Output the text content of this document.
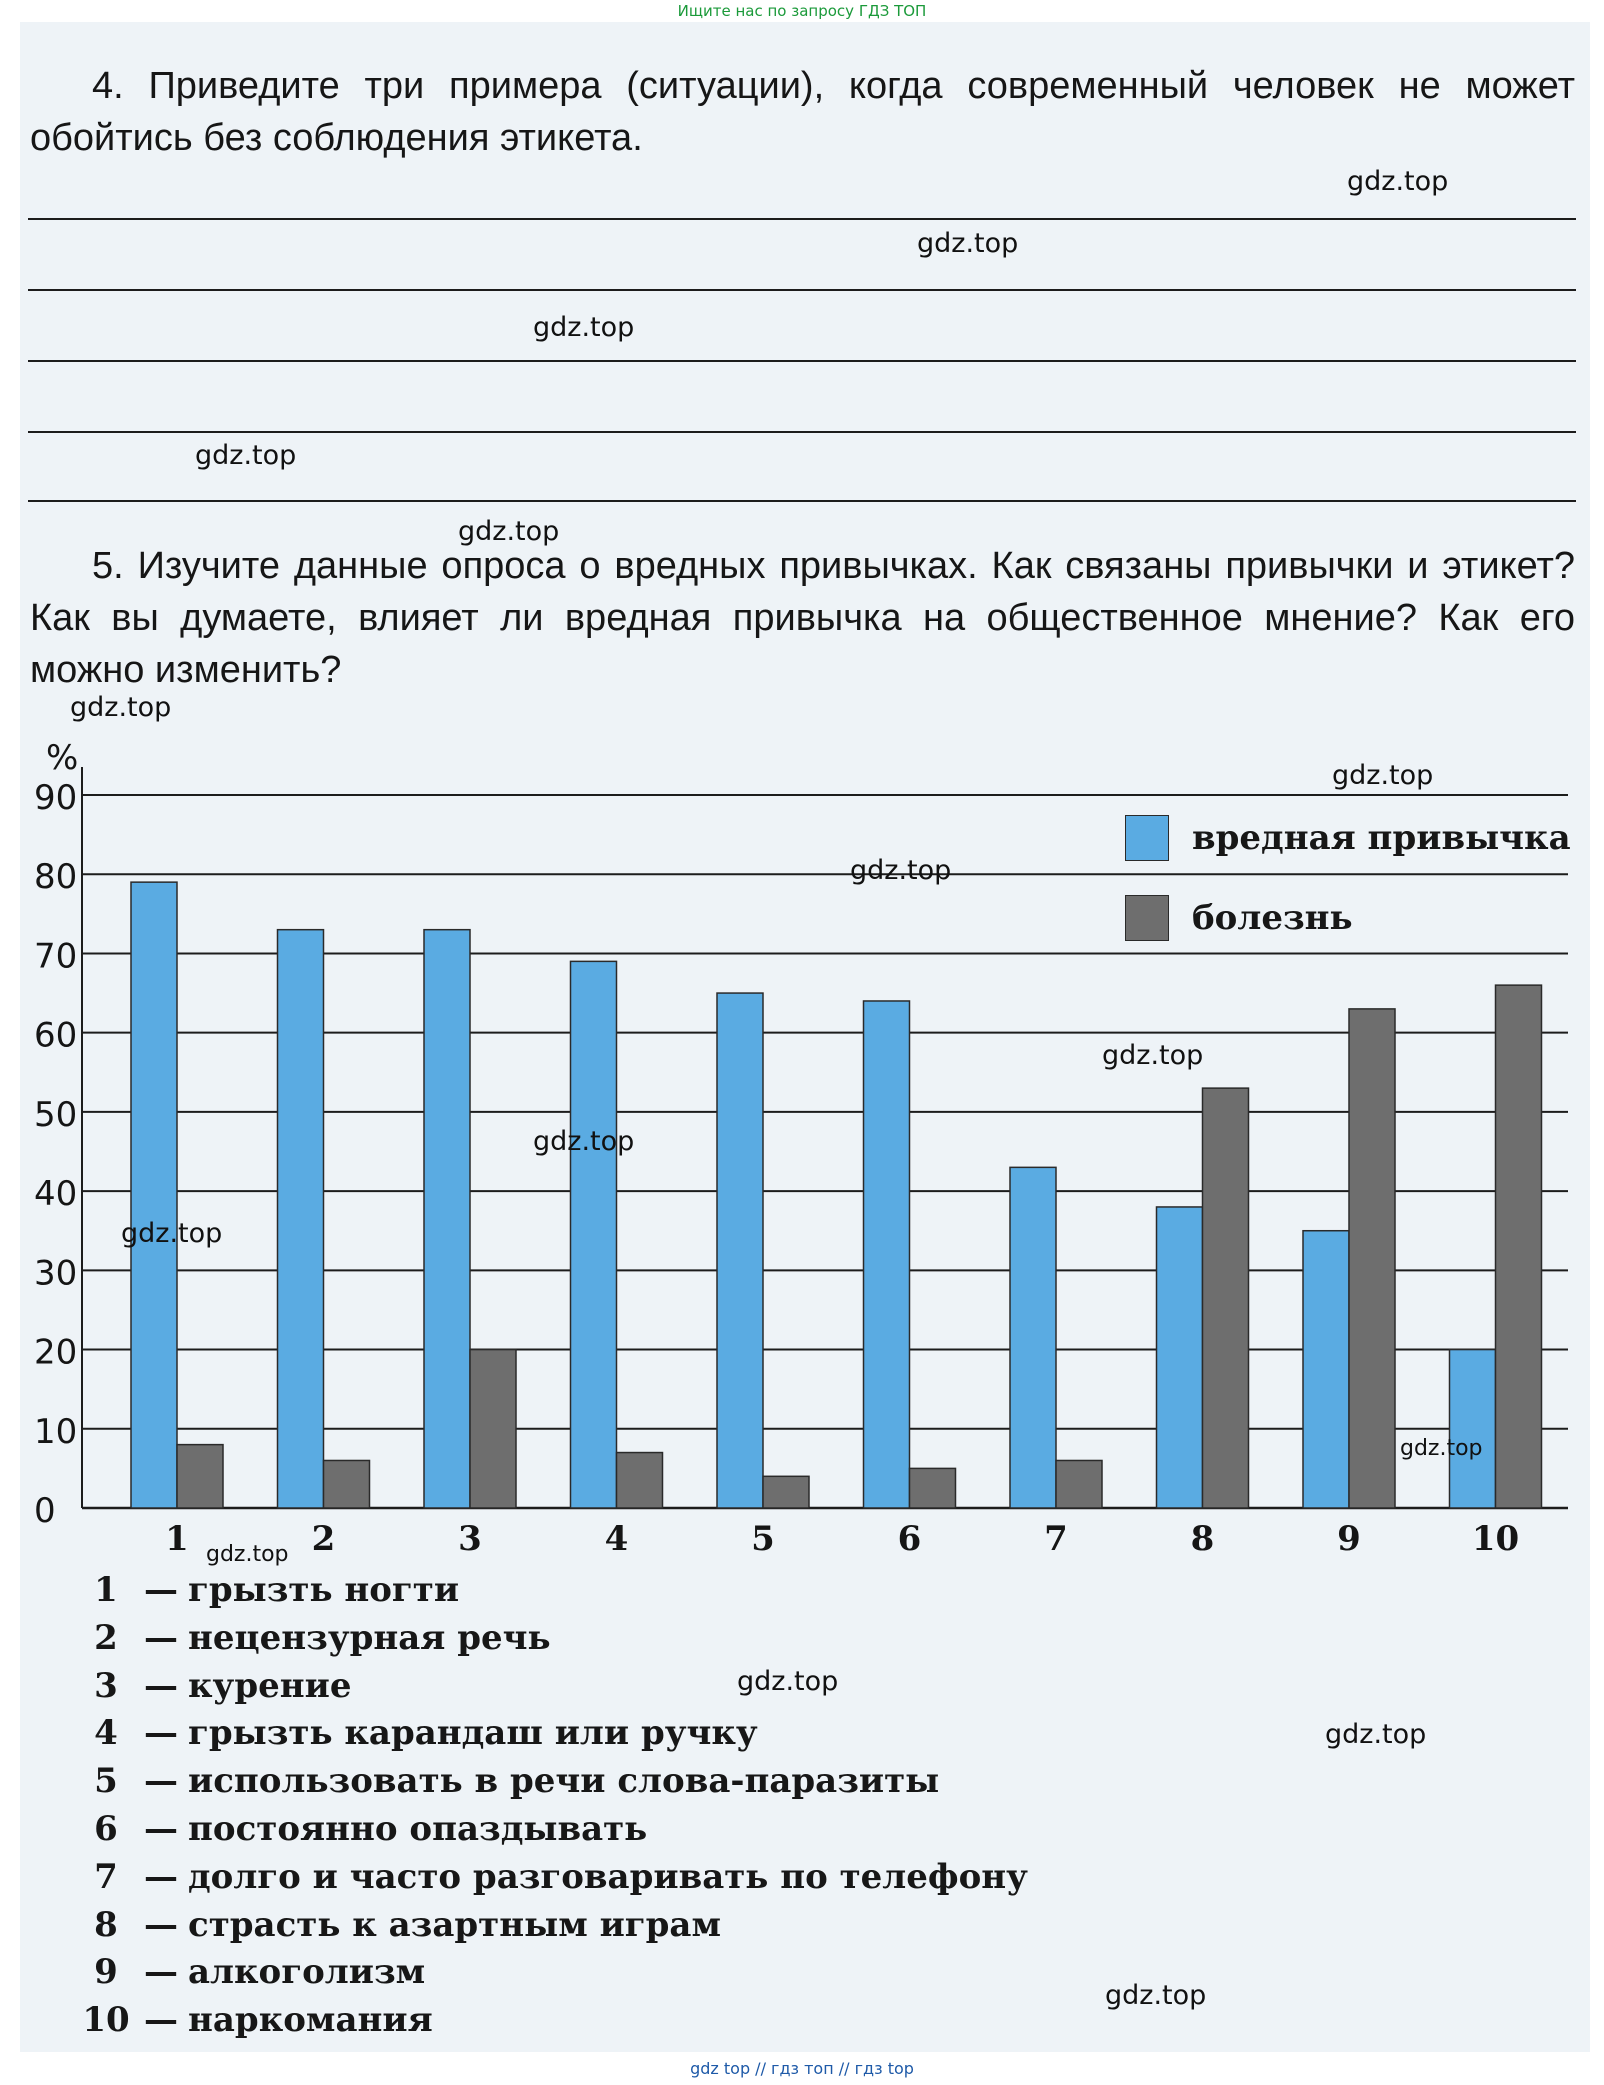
Ищите нас по запросу ГДЗ ТОП
4. Приведите три примера (ситуации), когда современный человек не может обойтись без соблюдения этикета.
5. Изучите данные опроса о вредных привычках. Как связаны привычки и этикет? Как вы думаете, влияет ли вредная привычка на общественное мнение? Как его можно изменить?
0
10
20
30
40
50
60
70
80
90
%
1	2	3	4	5	6	7	8	9	10
вредная привычка
болезнь
1 — грызть ногти
2 — нецензурная речь
3 — курение
4 — грызть карандаш или ручку
5 — использовать в речи слова-паразиты
6 — постоянно опаздывать
7 — долго и часто разговаривать по телефону
8 — страсть к азартным играм
9 — алкоголизм
10 — наркомания
gdz.top
gdz.top
gdz.top
gdz.top
gdz.top
gdz.top
gdz.top
gdz.top
gdz.top
gdz.top
gdz.top
gdz.top
gdz.top
gdz.top
gdz.top
gdz.top
gdz top // гдз топ // гдз top
